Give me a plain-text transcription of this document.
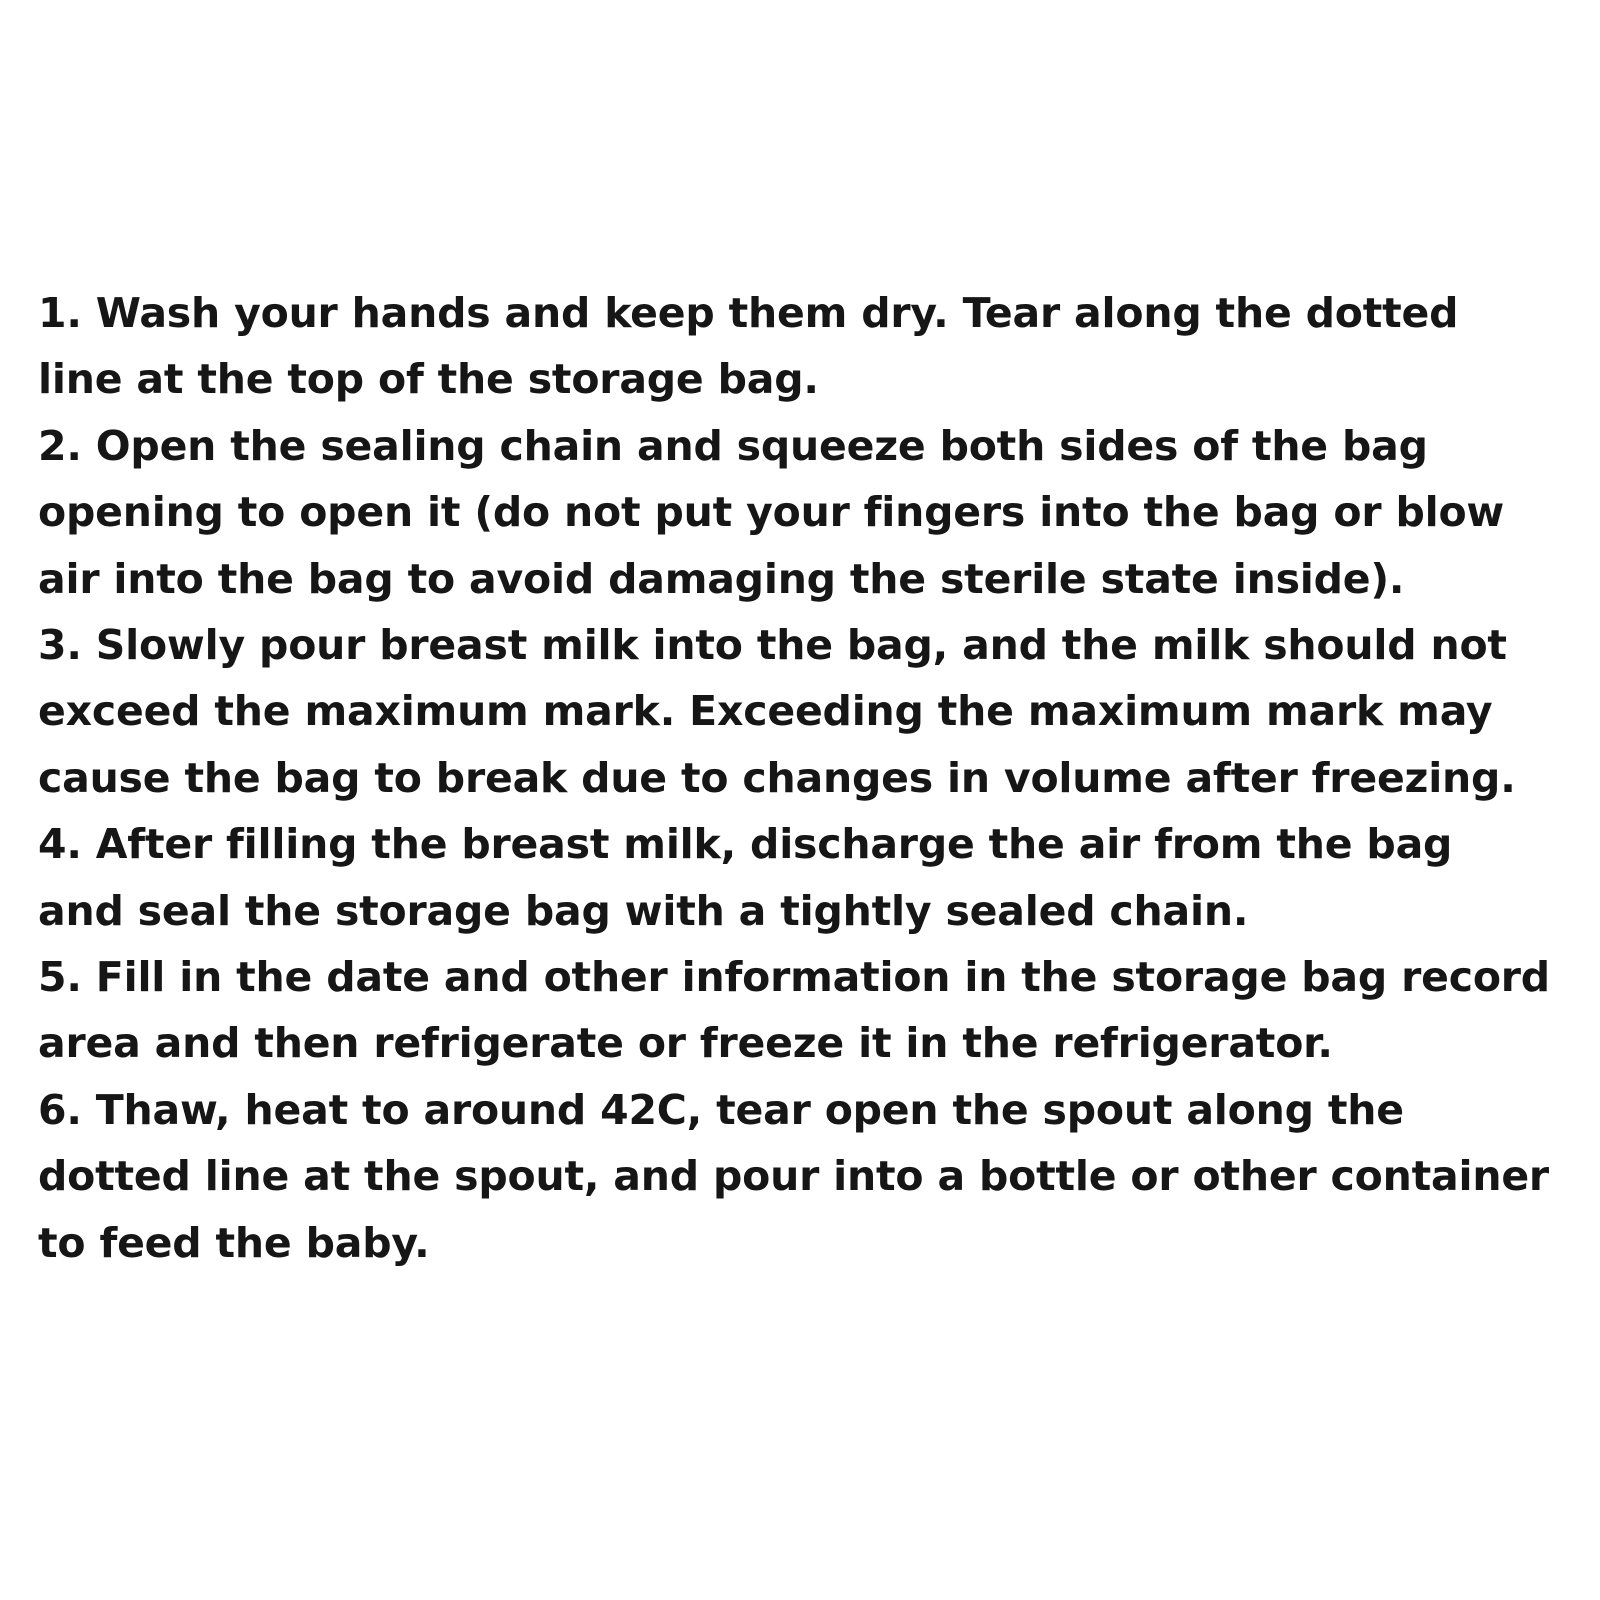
1. Wash your hands and keep them dry. Tear along the dotted line at the top of the storage bag.

2. Open the sealing chain and squeeze both sides of the bag opening to open it (do not put your fingers into the bag or blow air into the bag to avoid damaging the sterile state inside).

3. Slowly pour breast milk into the bag, and the milk should not exceed the maximum mark. Exceeding the maximum mark may cause the bag to break due to changes in volume after freezing.

4. After filling the breast milk, discharge the air from the bag and seal the storage bag with a tightly sealed chain.

5. Fill in the date and other information in the storage bag record area and then refrigerate or freeze it in the refrigerator.

6. Thaw, heat to around 42C, tear open the spout along the dotted line at the spout, and pour into a bottle or other container to feed the baby.
